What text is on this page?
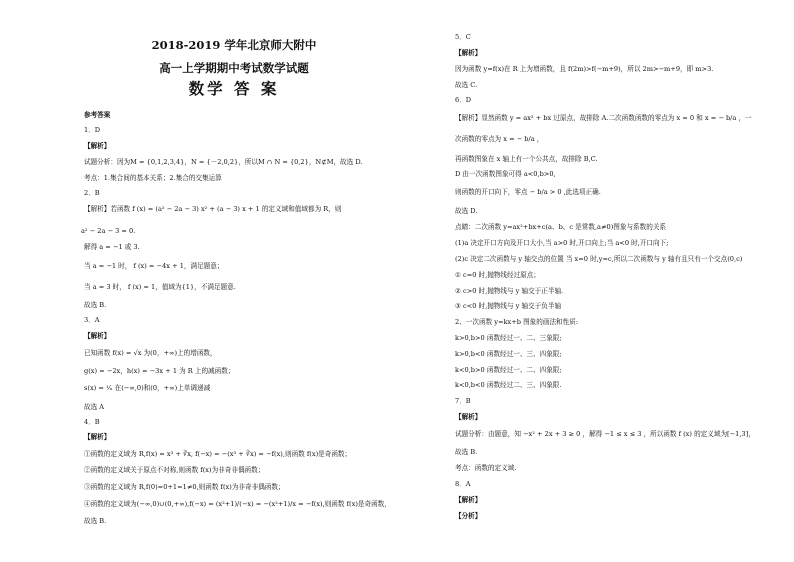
2018-2019 学年北京师大附中
高一上学期期中考试数学试题
数学 答 案
参考答案
1．D
【解析】
试题分析：因为M = {0,1,2,3,4}，N = {－2,0,2}，所以M ∩ N = {0,2}，N⊄M，故选 D.
考点：1.集合间的基本关系；2.集合的交集运算
2．B
【解析】若函数 f (x) = (a² − 2a − 3) x² + (a − 3) x + 1 的定义域和值域都为 R，则
a² − 2a − 3 = 0.
解得 a = −1 或 3.
当 a = −1 时， f (x) = −4x + 1，满足题意；
当 a = 3 时， f (x) = 1，值域为{1}，不满足题意.
故选 B.
3．A
【解析】
已知函数 f(x) = √x 为(0，+∞)上的增函数，
g(x) = −2x，h(x) = −3x + 1 为 R 上的减函数；
s(x) = ¹⁄ₓ 在(−∞,0)和(0，+∞)上单调递减
故选 A
4．B
【解析】
①函数的定义域为 R,f(x) = x³ + ∛x, f(−x) = −(x³ + ∛x) = −f(x),则函数 f(x)是奇函数；
②函数的定义域关于原点不对称,则函数 f(x)为非奇非偶函数；
③函数的定义域为 R,f(0)=0+1=1≠0,则函数 f(x)为非奇非偶函数；
④函数的定义域为(−∞,0)∪(0,+∞),f(−x) = (x²+1)/(−x) = −(x²+1)/x = −f(x),则函数 f(x)是奇函数，
故选 B.
5．C
【解析】
因为函数 y=f(x)在 R 上为增函数，且 f(2m)>f(−m+9)，所以 2m>−m+9，即 m>3.
故选 C.
6．D
【解析】显然函数 y = ax² + bx 过原点，故排除 A.二次函数函数的零点为 x = 0 和 x = − b/a ，一
次函数的零点为 x = − b/a ，
再函数图象在 x 轴上有一个公共点，故排除 B,C.
D 由一次函数图象可得 a<0,b>0,
则函数的开口向下，零点 − b/a > 0 ,此选项正确.
故选 D.
点睛：二次函数 y=ax²+bx+c(a、b、c 是常数,a≠0)图象与系数的关系
(1)a 决定开口方向及开口大小,当 a>0 时,开口向上;当 a<0 时,开口向下;
(2)c 决定二次函数与 y 轴交点的位置 当 x=0 时,y=c,所以二次函数与 y 轴有且只有一个交点(0,c)
① c=0 时,抛物线经过原点；
② c>0 时,抛物线与 y 轴交于正半轴.
③ c<0 时,抛物线与 y 轴交于负半轴
2、一次函数 y=kx+b 图象的画法和性质:
k>0,b>0 函数经过一、二、三象限;
k>0,b<0 函数经过一、三、四象限;
k<0,b>0 函数经过一、二、四象限;
k<0,b<0 函数经过二、三、四象限.
7．B
【解析】
试题分析：由题意，知 −x² + 2x + 3 ≥ 0 ，解得 −1 ≤ x ≤ 3 ，所以函数 f (x) 的定义域为[−1,3]，
故选 B.
考点：函数的定义域.
8．A
【解析】
【分析】
